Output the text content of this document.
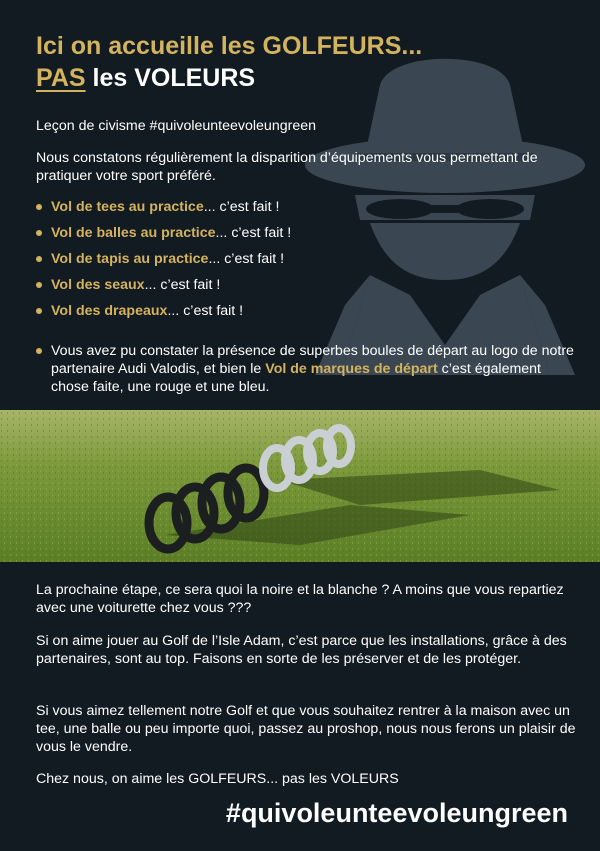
Ici on accueille les GOLFEURS...
PAS les VOLEURS
Leçon de civisme #quivoleunteevoleungreen
Nous constatons régulièrement la disparition d’équipements vous permettant de pratiquer votre sport préféré.
Vol de tees au practice... c’est fait !
Vol de balles au practice... c’est fait !
Vol de tapis au practice... c’est fait !
Vol des seaux... c’est fait !
Vol des drapeaux... c’est fait !
Vous avez pu constater la présence de superbes boules de départ au logo de notre partenaire Audi Valodis, et bien le Vol de marques de départ c’est également chose faite, une rouge et une bleu.
La prochaine étape, ce sera quoi la noire et la blanche ? A moins que vous repartiez avec une voiturette chez vous ???
Si on aime jouer au Golf de l’Isle Adam, c’est parce que les installations, grâce à des partenaires, sont au top. Faisons en sorte de les préserver et de les protéger.
Si vous aimez tellement notre Golf et que vous souhaitez rentrer à la maison avec un tee, une balle ou peu importe quoi, passez au proshop, nous nous ferons un plaisir de vous le vendre.
Chez nous, on aime les GOLFEURS... pas les VOLEURS
#quivoleunteevoleungreen
